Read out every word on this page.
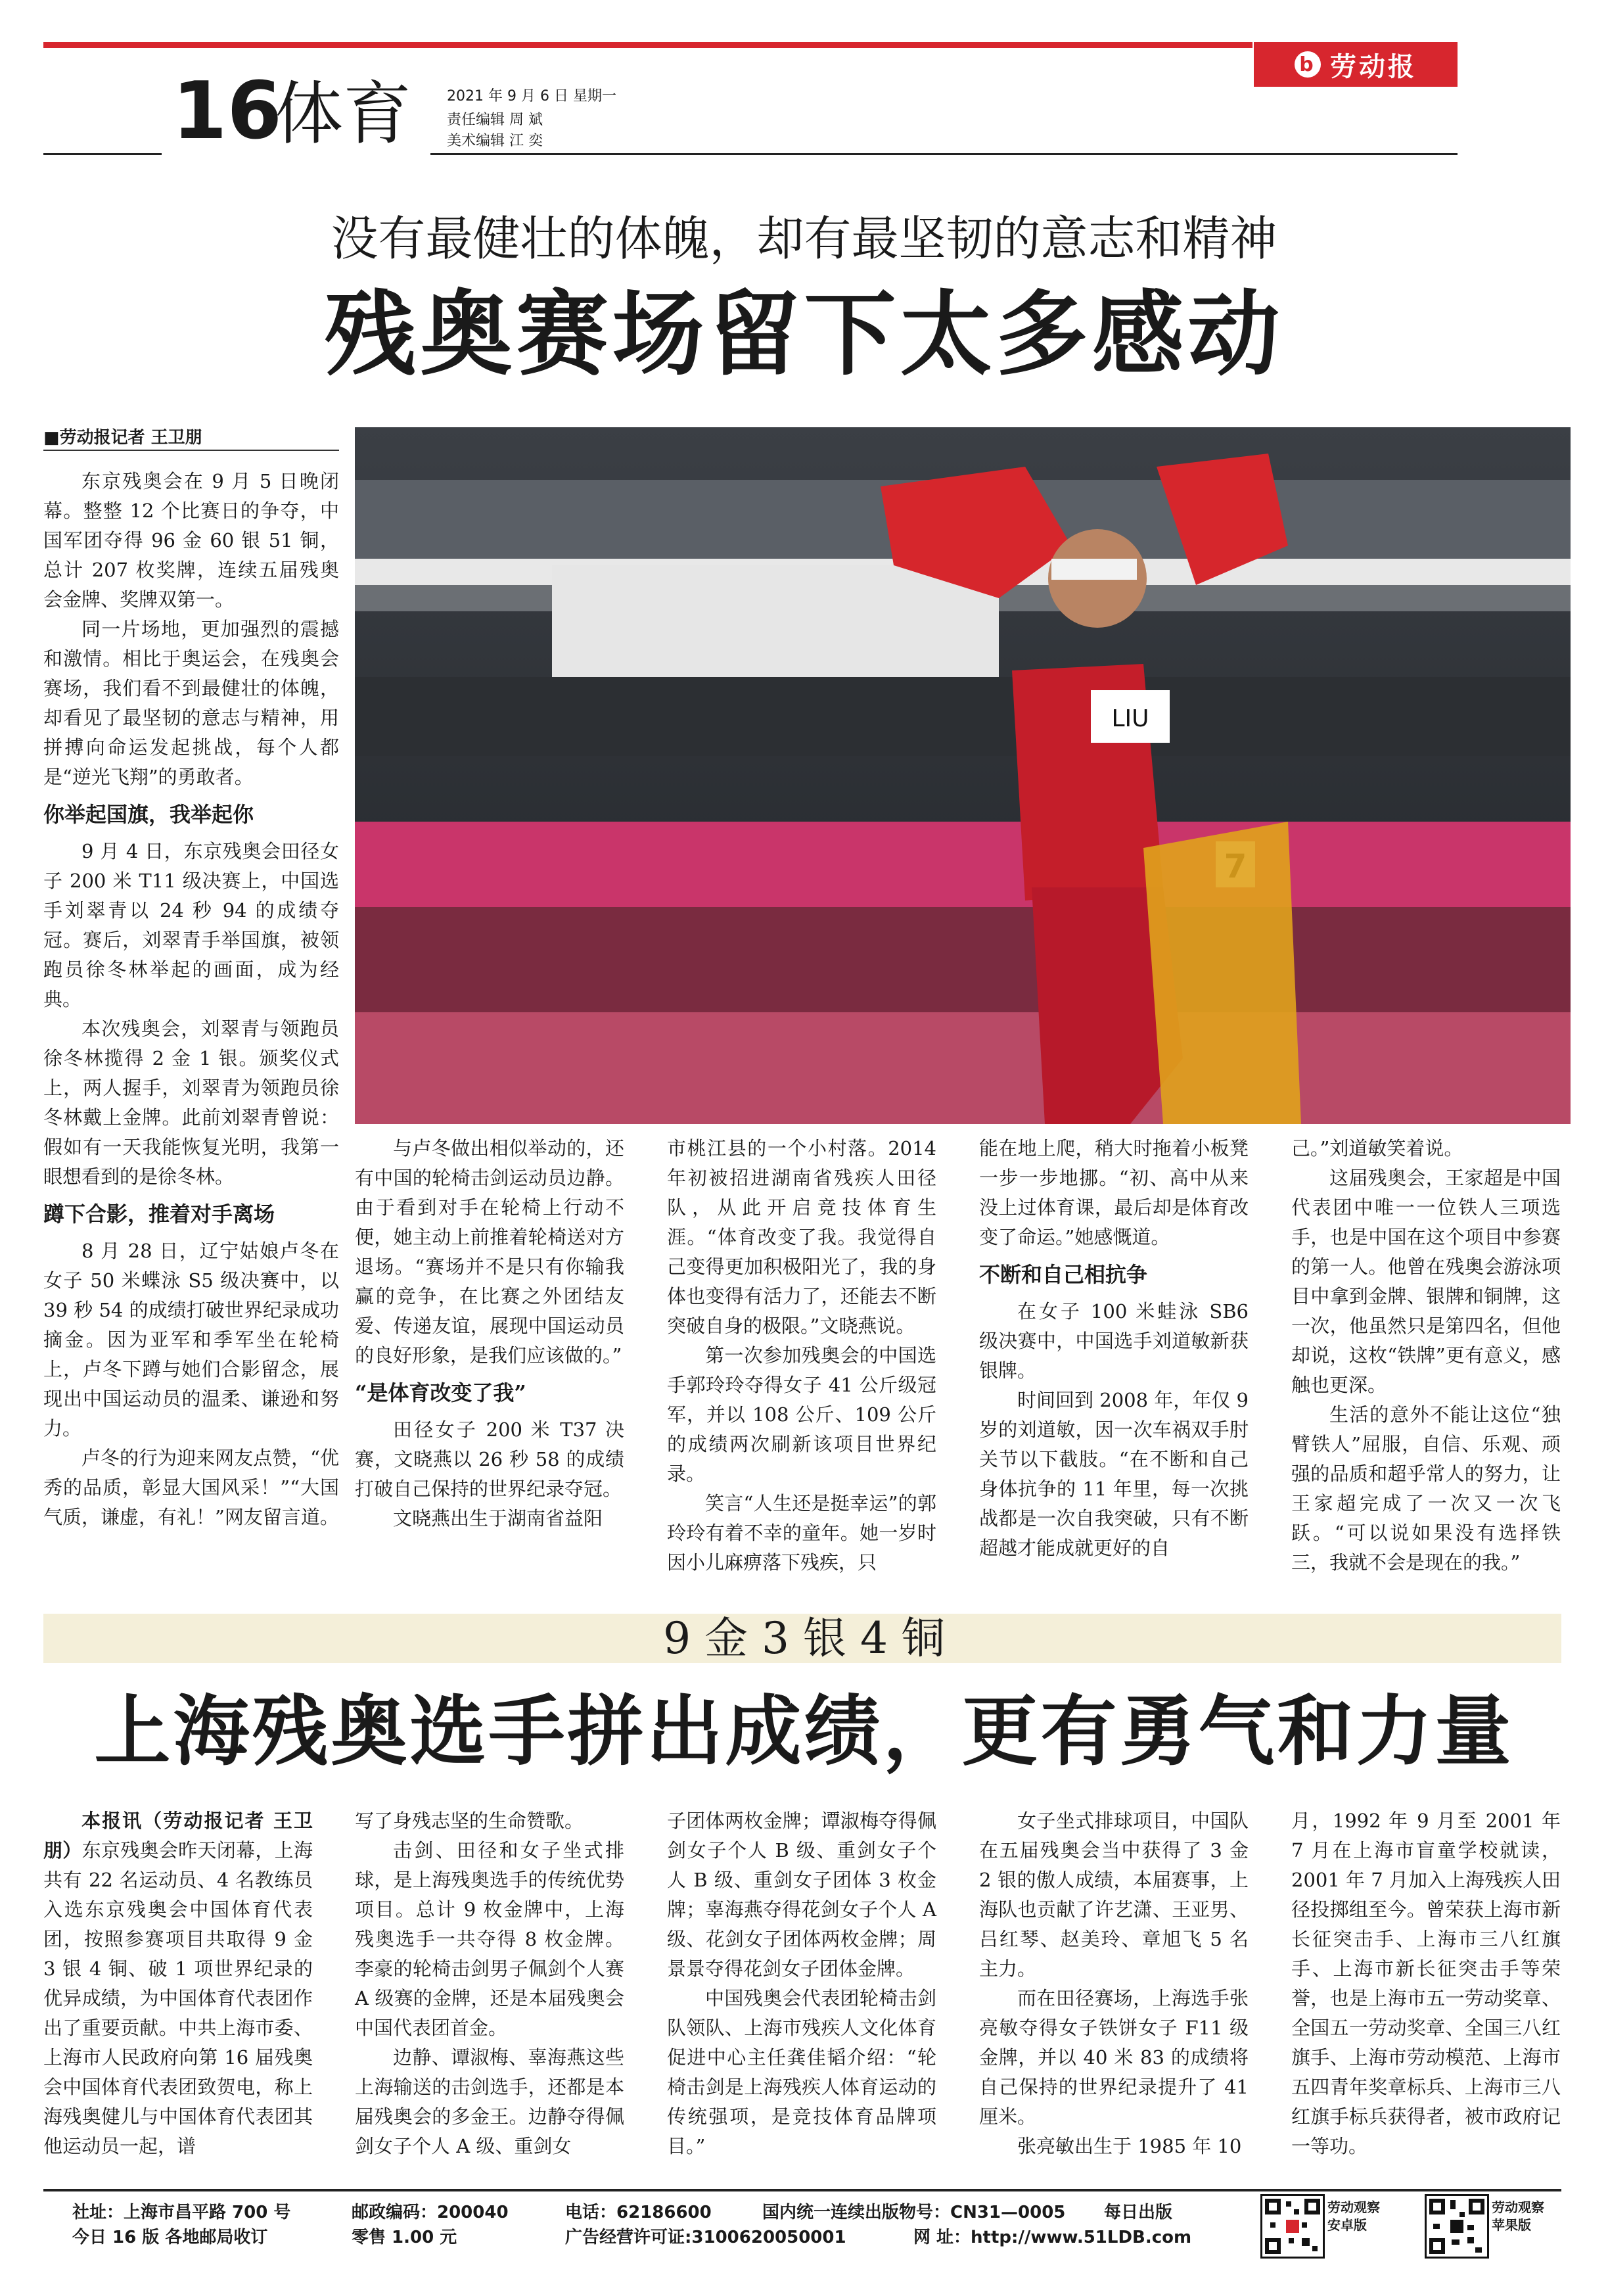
b 劳动报
16
体育 2021 年 9 月 6 日 星期一
责任编辑 周 斌
美术编辑 江 奕
没有最健壮的体魄，却有最坚韧的意志和精神
残奥赛场留下太多感动
■劳动报记者 王卫朋
LIU

东京残奥会在 9 月 5 日晚闭幕。整整 12 个比赛日的争夺，中国军团夺得 96 金 60 银 51 铜，总计 207 枚奖牌，连续五届残奥会金牌、奖牌双第一。

同一片场地，更加强烈的震撼和激情。相比于奥运会，在残奥会赛场，我们看不到最健壮的体魄，却看见了最坚韧的意志与精神，用拼搏向命运发起挑战，每个人都是“逆光飞翔”的勇敢者。

你举起国旗，我举起你

9 月 4 日，东京残奥会田径女子 200 米 T11 级决赛上，中国选手刘翠青以 24 秒 94 的成绩夺冠。赛后，刘翠青手举国旗，被领跑员徐冬林举起的画面，成为经典。

本次残奥会，刘翠青与领跑员徐冬林揽得 2 金 1 银。颁奖仪式上，两人握手，刘翠青为领跑员徐冬林戴上金牌。此前刘翠青曾说：假如有一天我能恢复光明，我第一眼想看到的是徐冬林。

蹲下合影，推着对手离场

8 月 28 日，辽宁姑娘卢冬在女子 50 米蝶泳 S5 级决赛中，以 39 秒 54 的成绩打破世界纪录成功摘金。因为亚军和季军坐在轮椅上，卢冬下蹲与她们合影留念，展现出中国运动员的温柔、谦逊和努力。

卢冬的行为迎来网友点赞，“优秀的品质，彰显大国风采！”“大国气质，谦虚，有礼！”网友留言道。

与卢冬做出相似举动的，还有中国的轮椅击剑运动员边静。由于看到对手在轮椅上行动不便，她主动上前推着轮椅送对方退场。“赛场并不是只有你输我赢的竞争，在比赛之外团结友爱、传递友谊，展现中国运动员的良好形象，是我们应该做的。”

“是体育改变了我”

田径女子 200 米 T37 决赛，文晓燕以 26 秒 58 的成绩打破自己保持的世界纪录夺冠。

文晓燕出生于湖南省益阳

市桃江县的一个小村落。2014 年初被招进湖南省残疾人田径队，从此开启竞技体育生涯。“体育改变了我。我觉得自己变得更加积极阳光了，我的身体也变得有活力了，还能去不断突破自身的极限。”文晓燕说。

第一次参加残奥会的中国选手郭玲玲夺得女子 41 公斤级冠军，并以 108 公斤、109 公斤的成绩两次刷新该项目世界纪录。

笑言“人生还是挺幸运”的郭玲玲有着不幸的童年。她一岁时因小儿麻痹落下残疾，只

能在地上爬，稍大时拖着小板凳一步一步地挪。“初、高中从来没上过体育课，最后却是体育改变了命运。”她感慨道。

不断和自己相抗争

在女子 100 米蛙泳 SB6 级决赛中，中国选手刘道敏新获银牌。

时间回到 2008 年，年仅 9 岁的刘道敏，因一次车祸双手肘关节以下截肢。“在不断和自己身体抗争的 11 年里，每一次挑战都是一次自我突破，只有不断超越才能成就更好的自

己。”刘道敏笑着说。

这届残奥会，王家超是中国代表团中唯一一位铁人三项选手，也是中国在这个项目中参赛的第一人。他曾在残奥会游泳项目中拿到金牌、银牌和铜牌，这一次，他虽然只是第四名，但他却说，这枚“铁牌”更有意义，感触也更深。

生活的意外不能让这位“独臂铁人”屈服，自信、乐观、顽强的品质和超乎常人的努力，让王家超完成了一次又一次飞跃。“可以说如果没有选择铁三，我就不会是现在的我。”

9 金 3 银 4 铜
上海残奥选手拼出成绩，更有勇气和力量

本报讯（劳动报记者 王卫朋）东京残奥会昨天闭幕，上海共有 22 名运动员、4 名教练员入选东京残奥会中国体育代表团，按照参赛项目共取得 9 金 3 银 4 铜、破 1 项世界纪录的优异成绩，为中国体育代表团作出了重要贡献。中共上海市委、上海市人民政府向第 16 届残奥会中国体育代表团致贺电，称上海残奥健儿与中国体育代表团其他运动员一起，谱

写了身残志坚的生命赞歌。

击剑、田径和女子坐式排球，是上海残奥选手的传统优势项目。总计 9 枚金牌中，上海残奥选手一共夺得 8 枚金牌。李豪的轮椅击剑男子佩剑个人赛 A 级赛的金牌，还是本届残奥会中国代表团首金。

边静、谭淑梅、辜海燕这些上海输送的击剑选手，还都是本届残奥会的多金王。边静夺得佩剑女子个人 A 级、重剑女

子团体两枚金牌；谭淑梅夺得佩剑女子个人 B 级、重剑女子个人 B 级、重剑女子团体 3 枚金牌；辜海燕夺得花剑女子个人 A 级、花剑女子团体两枚金牌；周景景夺得花剑女子团体金牌。

中国残奥会代表团轮椅击剑队领队、上海市残疾人文化体育促进中心主任龚佳韬介绍：“轮椅击剑是上海残疾人体育运动的传统强项，是竞技体育品牌项目。”

女子坐式排球项目，中国队在五届残奥会当中获得了 3 金 2 银的傲人成绩，本届赛事，上海队也贡献了许艺潇、王亚男、吕红琴、赵美玲、章旭飞 5 名主力。

而在田径赛场，上海选手张亮敏夺得女子铁饼女子 F11 级金牌，并以 40 米 83 的成绩将自己保持的世界纪录提升了 41 厘米。

张亮敏出生于 1985 年 10

月，1992 年 9 月至 2001 年 7 月在上海市盲童学校就读，2001 年 7 月加入上海残疾人田径投掷组至今。曾荣获上海市新长征突击手、上海市三八红旗手、上海市新长征突击手等荣誉，也是上海市五一劳动奖章、全国五一劳动奖章、全国三八红旗手、上海市劳动模范、上海市五四青年奖章标兵、上海市三八红旗手标兵获得者，被市政府记一等功。

社址：上海市昌平路 700 号
今日 16 版 各地邮局收订
邮政编码：200040
零售 1.00 元
电话：62186600
广告经营许可证:3100620050001
国内统一连续出版物号：CN31—0005 每日出版
网 址：http://www.51LDB.com
劳动观察安卓版
劳动观察苹果版
